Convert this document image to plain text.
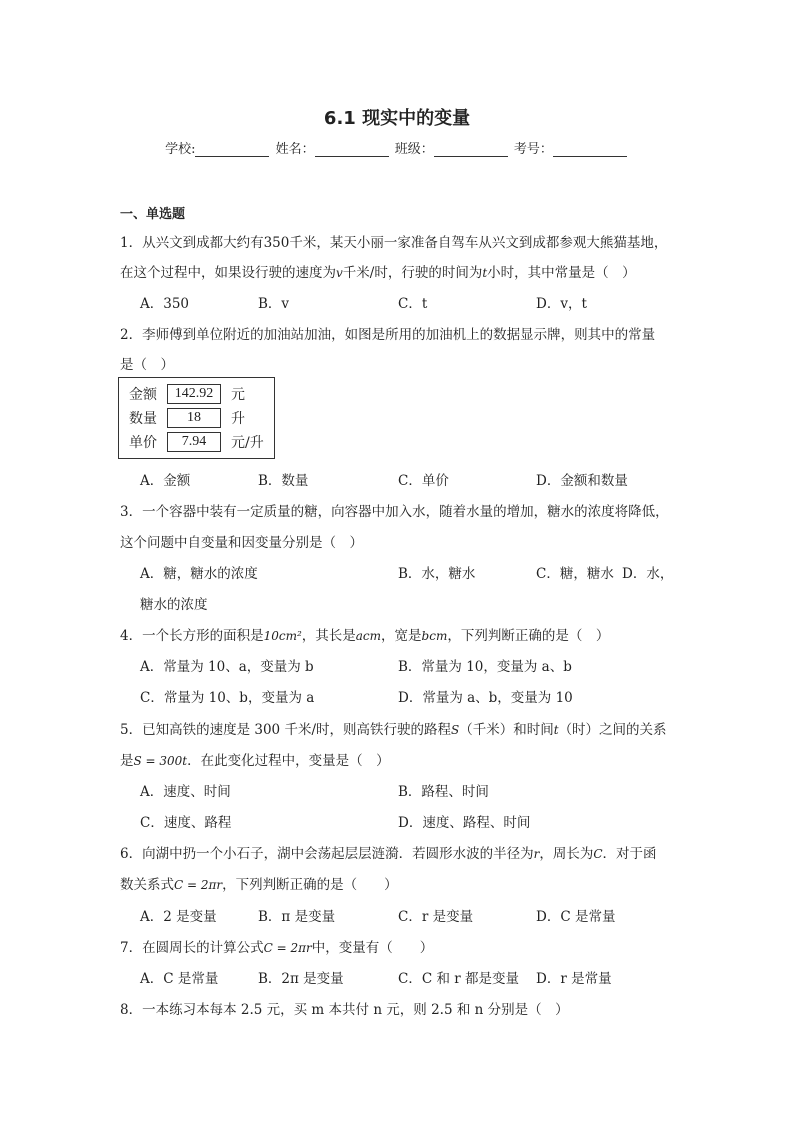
6.1 现实中的变量
学校:	姓名：	班级：	考号：
一、单选题
1．从兴文到成都大约有350千米，某天小丽一家准备自驾车从兴文到成都参观大熊猫基地，
在这个过程中，如果设行驶的速度为v千米/时，行驶的时间为t小时，其中常量是（　）
A．350	B．v	C．t	D．v，t
2．李师傅到单位附近的加油站加油，如图是所用的加油机上的数据显示牌，则其中的常量
是（　）
金额	142.92	元
数量	18	升
单价	7.94	元/升
A．金额	B．数量	C．单价	D．金额和数量
3．一个容器中装有一定质量的糖，向容器中加入水，随着水量的增加，糖水的浓度将降低，
这个问题中自变量和因变量分别是（　）
A．糖，糖水的浓度	B．水，糖水	C．糖，糖水 D．水，
糖水的浓度
4．一个长方形的面积是10cm²，其长是acm，宽是bcm，下列判断正确的是（　）
A．常量为 10、a，变量为 b	B．常量为 10，变量为 a、b
C．常量为 10、b，变量为 a	D．常量为 a、b，变量为 10
5．已知高铁的速度是 300 千米/时，则高铁行驶的路程S（千米）和时间t（时）之间的关系
是S = 300t．在此变化过程中，变量是（　）
A．速度、时间	B．路程、时间
C．速度、路程	D．速度、路程、时间
6．向湖中扔一个小石子，湖中会荡起层层涟漪．若圆形水波的半径为r，周长为C．对于函
数关系式C = 2πr，下列判断正确的是（　　）
A．2 是变量	B．π 是变量	C．r 是变量	D．C 是常量
7．在圆周长的计算公式C = 2πr中，变量有（　　）
A．C 是常量	B．2π 是变量	C．C 和 r 都是变量 D．r 是常量
8．一本练习本每本 2.5 元，买 m 本共付 n 元，则 2.5 和 n 分别是（　）
